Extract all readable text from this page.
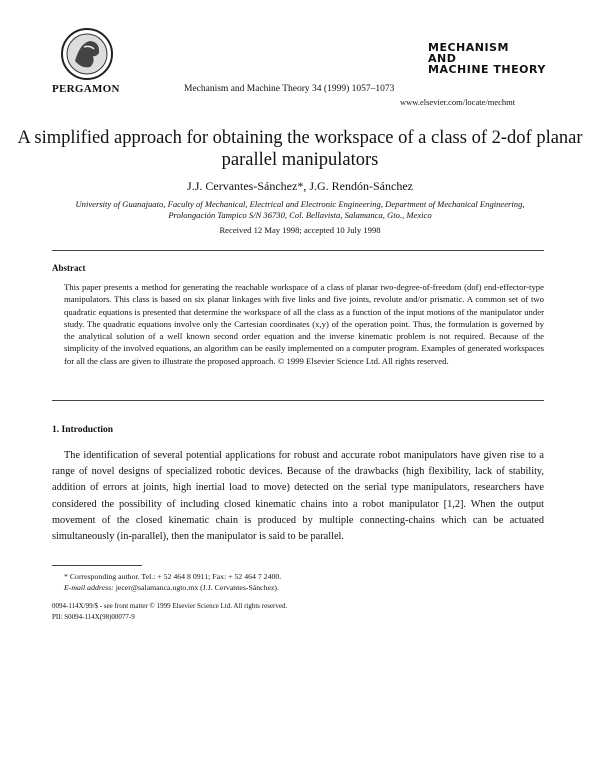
PERGAMON	Mechanism and Machine Theory 34 (1999) 1057–1073
MECHANISM
AND
MACHINE THEORY
www.elsevier.com/locate/mechmt
A simplified approach for obtaining the workspace of a class of 2-dof planar parallel manipulators
J.J. Cervantes-Sánchez*, J.G. Rendón-Sánchez
University of Guanajuato, Faculty of Mechanical, Electrical and Electronic Engineering, Department of Mechanical Engineering, Prolongación Tampico S/N 36730, Col. Bellavista, Salamanca, Gto., Mexico
Received 12 May 1998; accepted 10 July 1998
Abstract
This paper presents a method for generating the reachable workspace of a class of planar two-degree-of-freedom (dof) end-effector-type manipulators. This class is based on six planar linkages with five links and five joints, revolute and/or prismatic. A common set of two quadratic equations is presented that determine the workspace of all the class as a function of the input motions of the manipulator under study. The quadratic equations involve only the Cartesian coordinates (x,y) of the operation point. Thus, the formulation is governed by the analytical solution of a well known second order equation and the inverse kinematic problem is not required. Because of the simplicity of the involved equations, an algorithm can be easily implemented on a computer program. Examples of generated workspaces for all the class are given to illustrate the proposed approach. © 1999 Elsevier Science Ltd. All rights reserved.
1. Introduction
The identification of several potential applications for robust and accurate robot manipulators have given rise to a range of novel designs of specialized robotic devices. Because of the drawbacks (high flexibility, lack of stability, addition of errors at joints, high inertial load to move) detected on the serial type manipulators, researchers have considered the possibility of including closed kinematic chains into a robot manipulator [1,2]. When the output movement of the closed kinematic chain is produced by multiple connecting-chains which can be actuated simultaneously (in-parallel), then the manipulator is said to be parallel.
* Corresponding author. Tel.: + 52 464 8 0911; Fax: + 52 464 7 2400.
E-mail address: jecer@salamanca.ugto.mx (J.J. Cervantes-Sánchez).
0094-114X/99/$ - see front matter © 1999 Elsevier Science Ltd. All rights reserved.
PII: S0094-114X(98)00077-9
